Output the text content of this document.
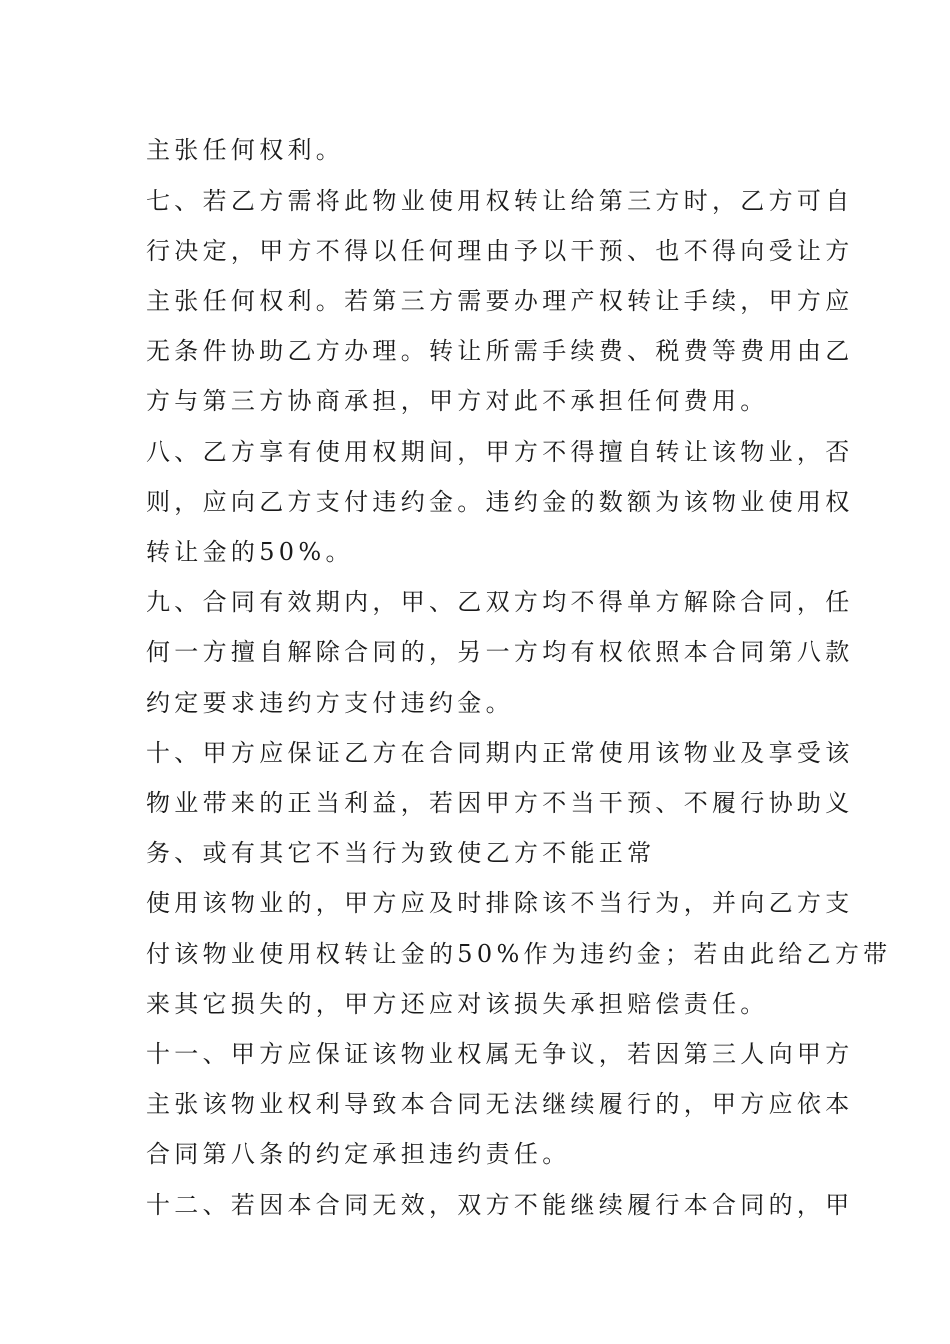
主张任何权利。

七、若乙方需将此物业使用权转让给第三方时，乙方可自

行决定，甲方不得以任何理由予以干预、也不得向受让方

主张任何权利。若第三方需要办理产权转让手续，甲方应

无条件协助乙方办理。转让所需手续费、税费等费用由乙

方与第三方协商承担，甲方对此不承担任何费用。

八、乙方享有使用权期间，甲方不得擅自转让该物业，否

则，应向乙方支付违约金。违约金的数额为该物业使用权

转让金的50%。

九、合同有效期内，甲、乙双方均不得单方解除合同，任

何一方擅自解除合同的，另一方均有权依照本合同第八款

约定要求违约方支付违约金。

十、甲方应保证乙方在合同期内正常使用该物业及享受该

物业带来的正当利益，若因甲方不当干预、不履行协助义

务、或有其它不当行为致使乙方不能正常

使用该物业的，甲方应及时排除该不当行为，并向乙方支

付该物业使用权转让金的50%作为违约金；若由此给乙方带

来其它损失的，甲方还应对该损失承担赔偿责任。

十一、甲方应保证该物业权属无争议，若因第三人向甲方

主张该物业权利导致本合同无法继续履行的，甲方应依本

合同第八条的约定承担违约责任。

十二、若因本合同无效，双方不能继续履行本合同的，甲
